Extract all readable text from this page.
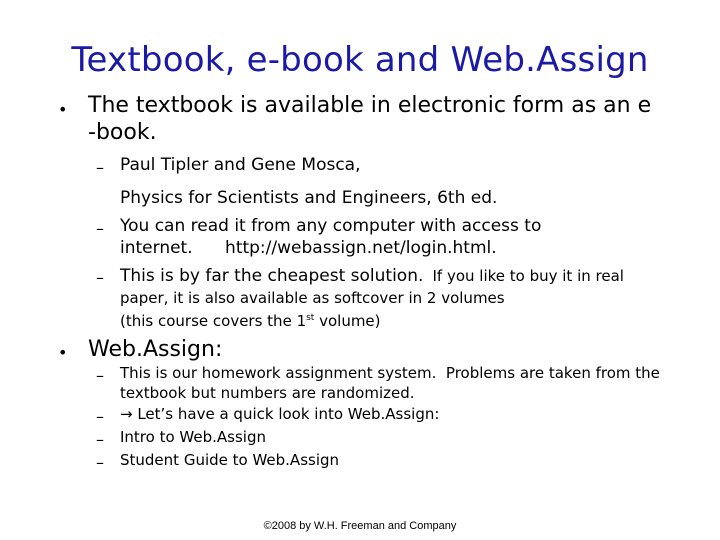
Textbook, e-book and Web.Assign
• The textbook is available in electronic form as an e
-book.
– Paul Tipler and Gene Mosca,
Physics for Scientists and Engineers, 6th ed.
– You can read it from any computer with access to
internet.      http://webassign.net/login.html.
– This is by far the cheapest solution. If you like to buy it in real
paper, it is also available as softcover in 2 volumes
(this course covers the 1st volume)
• Web.Assign:
– This is our homework assignment system.  Problems are taken from the
textbook but numbers are randomized.
– → Let’s have a quick look into Web.Assign:
– Intro to Web.Assign
– Student Guide to Web.Assign
©2008 by W.H. Freeman and Company
